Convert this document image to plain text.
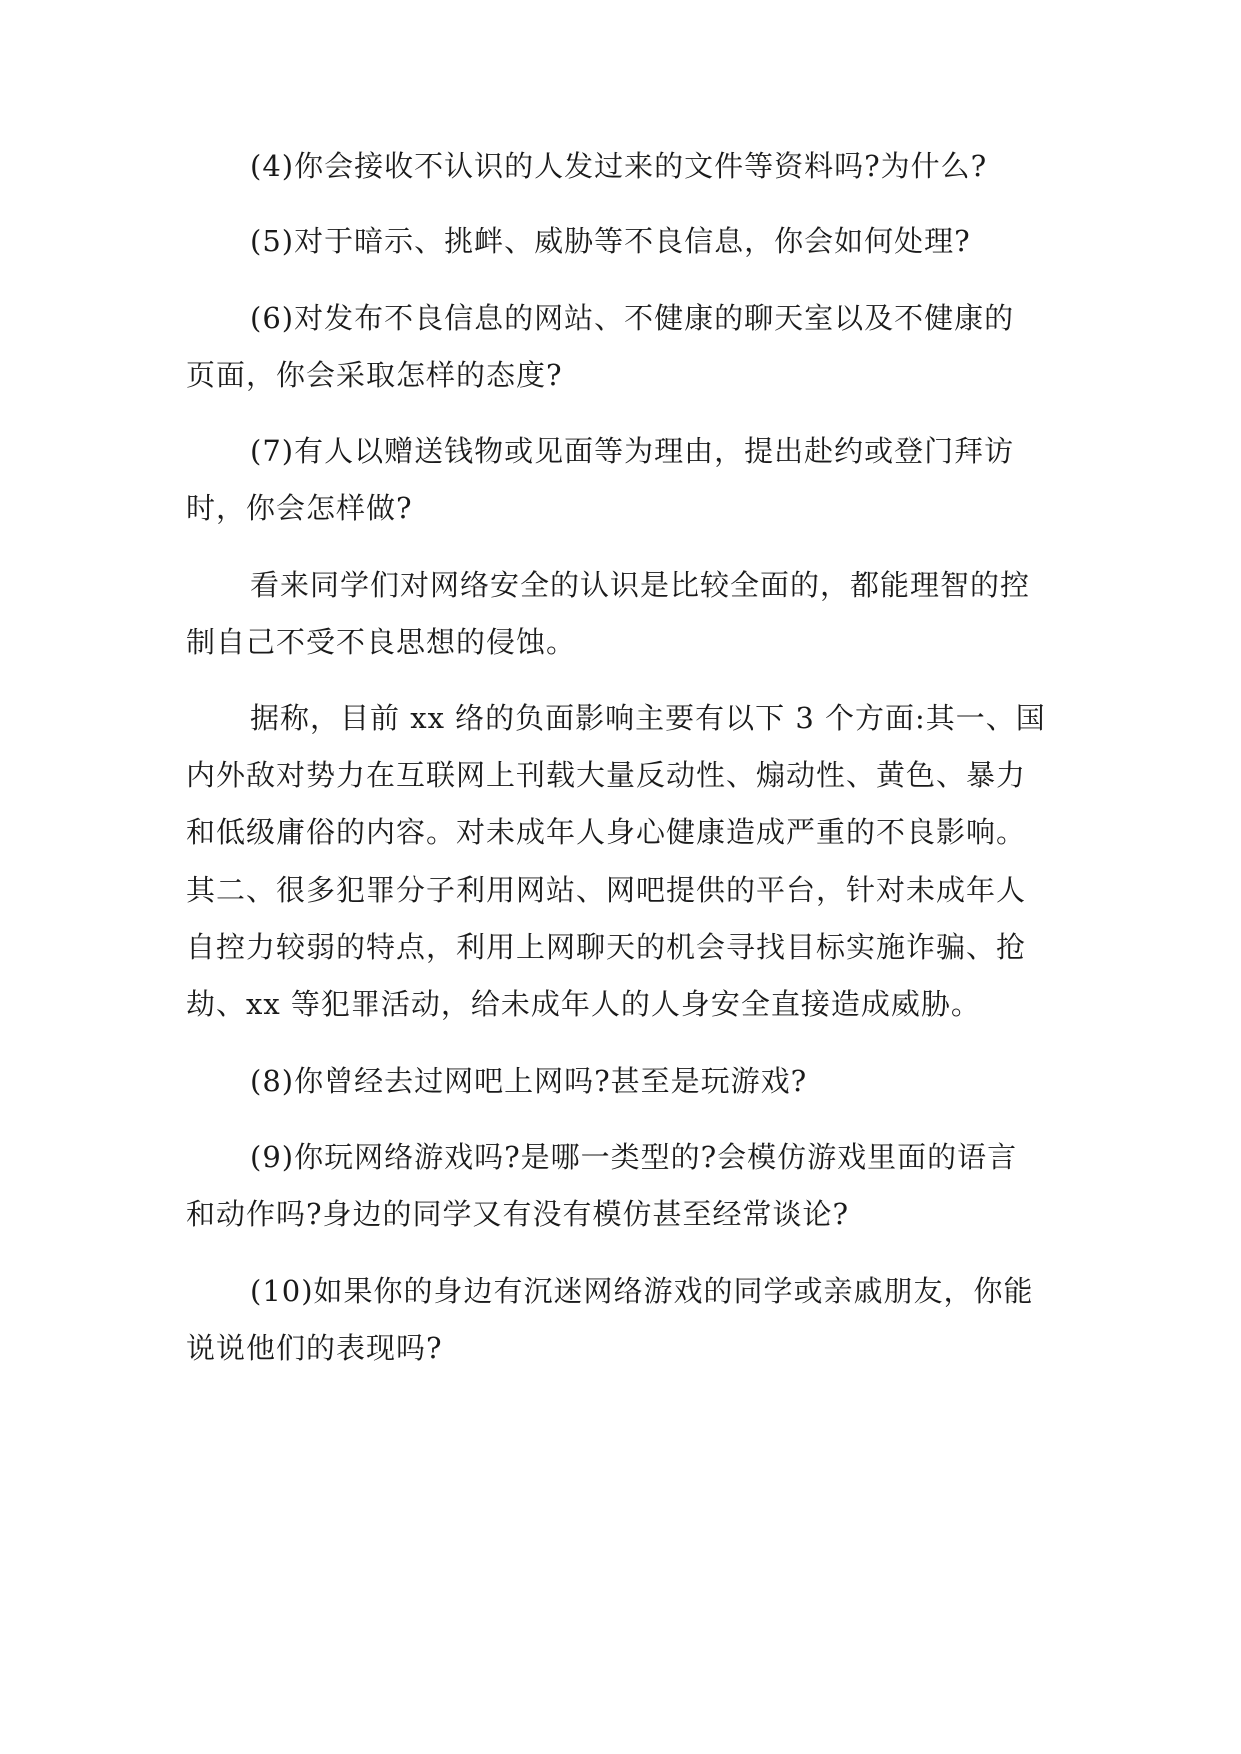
(4)你会接收不认识的人发过来的文件等资料吗?为什么?
(5)对于暗示、挑衅、威胁等不良信息，你会如何处理?
(6)对发布不良信息的网站、不健康的聊天室以及不健康的
页面，你会采取怎样的态度?
(7)有人以赠送钱物或见面等为理由，提出赴约或登门拜访
时，你会怎样做?
看来同学们对网络安全的认识是比较全面的，都能理智的控
制自己不受不良思想的侵蚀。
据称，目前 xx 络的负面影响主要有以下 3 个方面:其一、国
内外敌对势力在互联网上刊载大量反动性、煽动性、黄色、暴力
和低级庸俗的内容。对未成年人身心健康造成严重的不良影响。
其二、很多犯罪分子利用网站、网吧提供的平台，针对未成年人
自控力较弱的特点，利用上网聊天的机会寻找目标实施诈骗、抢
劫、xx 等犯罪活动，给未成年人的人身安全直接造成威胁。
(8)你曾经去过网吧上网吗?甚至是玩游戏?
(9)你玩网络游戏吗?是哪一类型的?会模仿游戏里面的语言
和动作吗?身边的同学又有没有模仿甚至经常谈论?
(10)如果你的身边有沉迷网络游戏的同学或亲戚朋友，你能
说说他们的表现吗?
